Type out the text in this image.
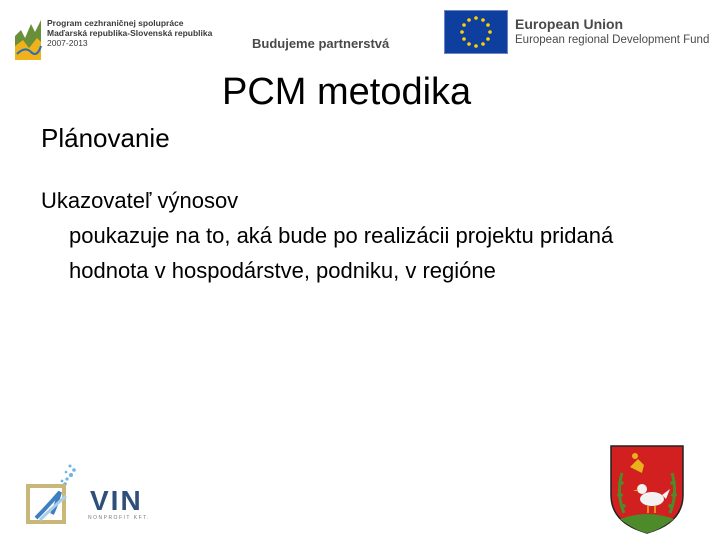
Program cezhraničnej spolupráce
Maďarská republika-Slovenská republika
2007-2013	Budujeme partnerstvá
European Union
European regional Development Fund
PCM metodika
Plánovanie
Ukazovateľ výnosov
poukazuje na to, aká bude po realizácii projektu pridaná hodnota v hospodárstve, podniku, v regióne
VIN
NONPROFIT KFT.
